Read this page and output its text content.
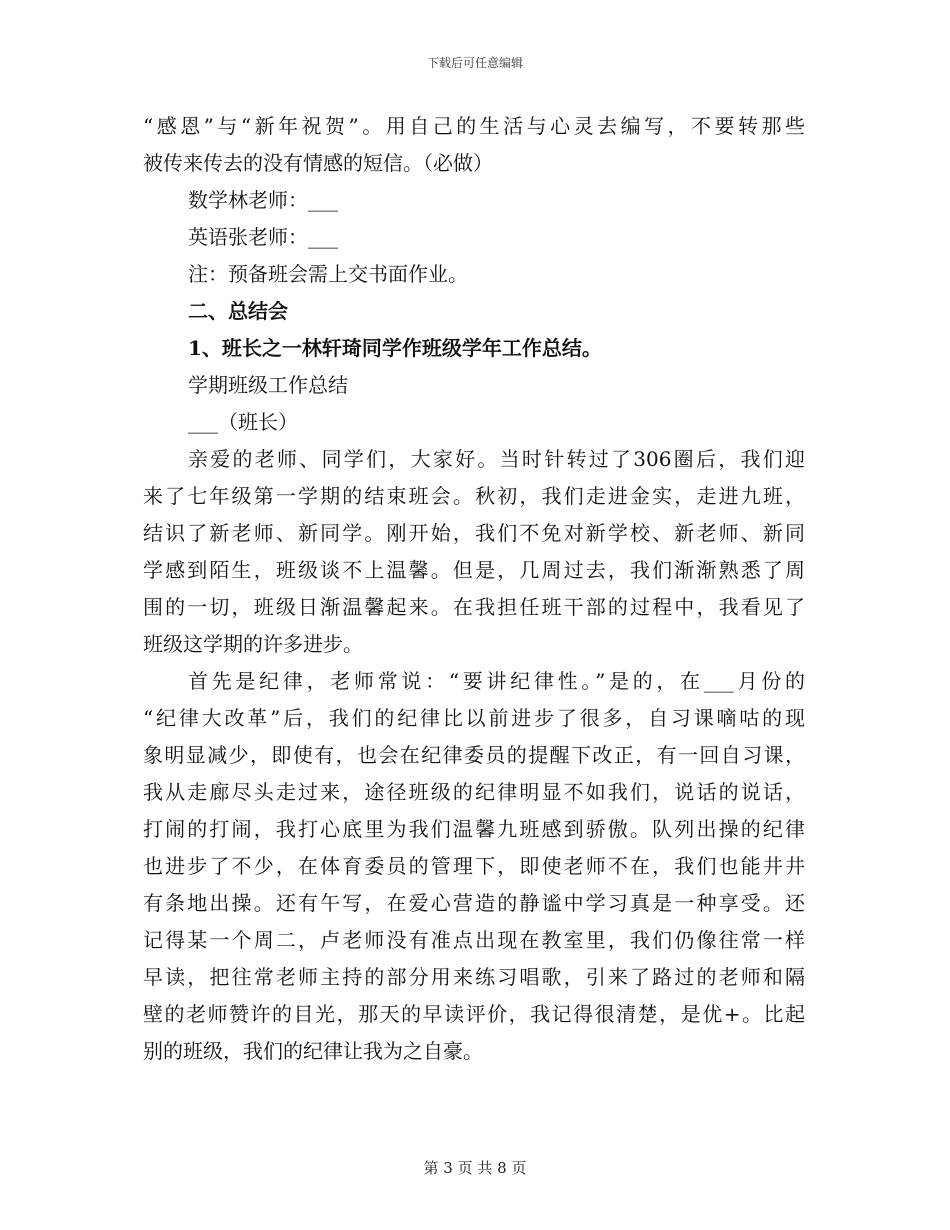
下载后可任意编辑
“感恩”与“新年祝贺”。用自己的生活与心灵去编写，不要转那些
被传来传去的没有情感的短信。（必做）
数学林老师：___
英语张老师：___
注：预备班会需上交书面作业。
二、总结会
1、班长之一林轩琦同学作班级学年工作总结。
学期班级工作总结
___（班长）
亲爱的老师、同学们，大家好。当时针转过了306圈后，我们迎
来了七年级第一学期的结束班会。秋初，我们走进金实，走进九班，
结识了新老师、新同学。刚开始，我们不免对新学校、新老师、新同
学感到陌生，班级谈不上温馨。但是，几周过去，我们渐渐熟悉了周
围的一切，班级日渐温馨起来。在我担任班干部的过程中，我看见了
班级这学期的许多进步。
首先是纪律，老师常说：“要讲纪律性。”是的，在___月份的
“纪律大改革”后，我们的纪律比以前进步了很多，自习课嘀咕的现
象明显减少，即使有，也会在纪律委员的提醒下改正，有一回自习课，
我从走廊尽头走过来，途径班级的纪律明显不如我们，说话的说话，
打闹的打闹，我打心底里为我们温馨九班感到骄傲。队列出操的纪律
也进步了不少，在体育委员的管理下，即使老师不在，我们也能井井
有条地出操。还有午写，在爱心营造的静谧中学习真是一种享受。还
记得某一个周二，卢老师没有准点出现在教室里，我们仍像往常一样
早读，把往常老师主持的部分用来练习唱歌，引来了路过的老师和隔
壁的老师赞许的目光，那天的早读评价，我记得很清楚，是优+。比起
别的班级，我们的纪律让我为之自豪。
第 3 页 共 8 页
